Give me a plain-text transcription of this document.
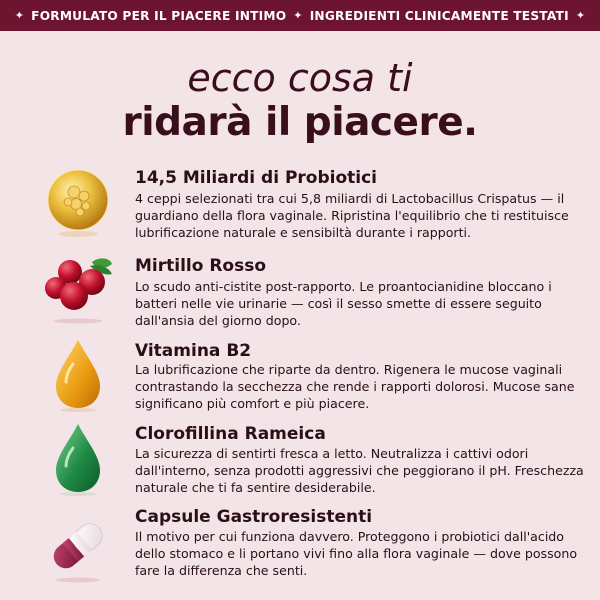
✦ FORMULATO PER IL PIACERE INTIMO ✦ INGREDIENTI CLINICAMENTE TESTATI ✦
ecco cosa ti
ridarà il piacere.
14,5 Miliardi di Probiotici
4 ceppi selezionati tra cui 5,8 miliardi di Lactobacillus Crispatus — il guardiano della flora vaginale. Ripristina l'equilibrio che ti restituisce lubrificazione naturale e sensibiltà durante i rapporti.
Mirtillo Rosso
Lo scudo anti-cistite post-rapporto. Le proantocianidine bloccano i batteri nelle vie urinarie — così il sesso smette di essere seguito dall'ansia del giorno dopo.
Vitamina B2
La lubrificazione che riparte da dentro. Rigenera le mucose vaginali contrastando la secchezza che rende i rapporti dolorosi. Mucose sane significano più comfort e più piacere.
Clorofillina Rameica
La sicurezza di sentirti fresca a letto. Neutralizza i cattivi odori dall'interno, senza prodotti aggressivi che peggiorano il pH. Freschezza naturale che ti fa sentire desiderabile.
Capsule Gastroresistenti
Il motivo per cui funziona davvero. Proteggono i probiotici dall'acido dello stomaco e li portano vivi fino alla flora vaginale — dove possono fare la differenza che senti.
